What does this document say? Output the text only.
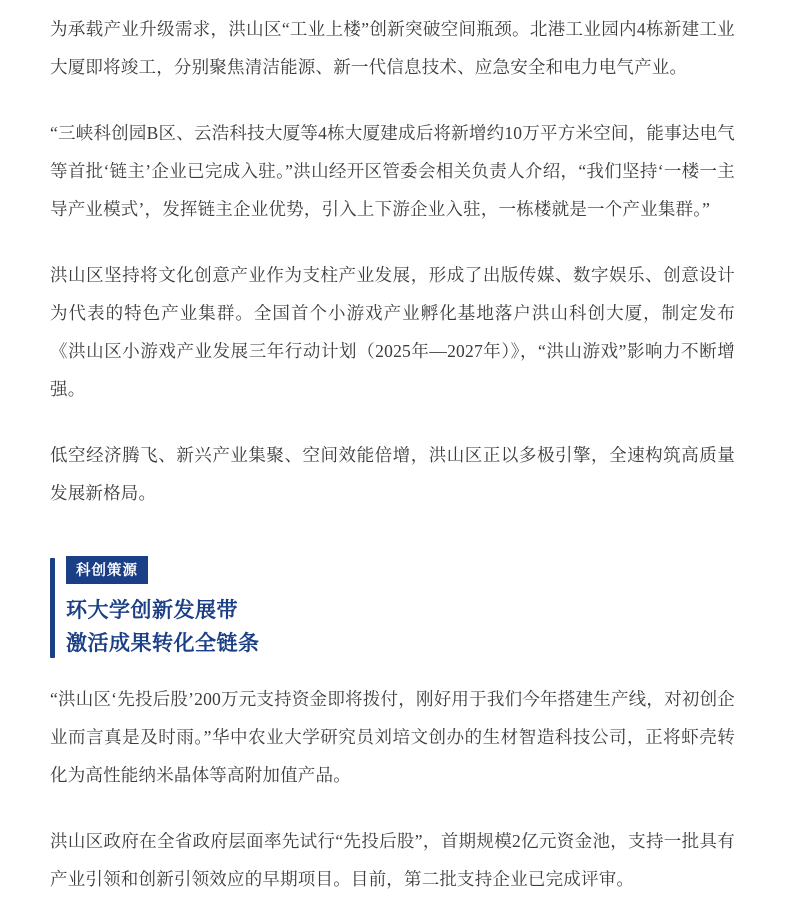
为承载产业升级需求，洪山区“工业上楼”创新突破空间瓶颈。北港工业园内4栋新建工业大厦即将竣工，分别聚焦清洁能源、新一代信息技术、应急安全和电力电气产业。

“三峡科创园B区、云浩科技大厦等4栋大厦建成后将新增约10万平方米空间，能事达电气等首批‘链主’企业已完成入驻。”洪山经开区管委会相关负责人介绍，“我们坚持‘一楼一主导产业模式’，发挥链主企业优势，引入上下游企业入驻，一栋楼就是一个产业集群。”

洪山区坚持将文化创意产业作为支柱产业发展，形成了出版传媒、数字娱乐、创意设计为代表的特色产业集群。全国首个小游戏产业孵化基地落户洪山科创大厦，制定发布《洪山区小游戏产业发展三年行动计划（2025年—2027年）》，“洪山游戏”影响力不断增强。

低空经济腾飞、新兴产业集聚、空间效能倍增，洪山区正以多极引擎，全速构筑高质量发展新格局。

科创策源
环大学创新发展带
激活成果转化全链条

“洪山区‘先投后股’200万元支持资金即将拨付，刚好用于我们今年搭建生产线，对初创企业而言真是及时雨。”华中农业大学研究员刘培文创办的生材智造科技公司，正将虾壳转化为高性能纳米晶体等高附加值产品。

洪山区政府在全省政府层面率先试行“先投后股”，首期规模2亿元资金池，支持一批具有产业引领和创新引领效应的早期项目。目前，第二批支持企业已完成评审。
